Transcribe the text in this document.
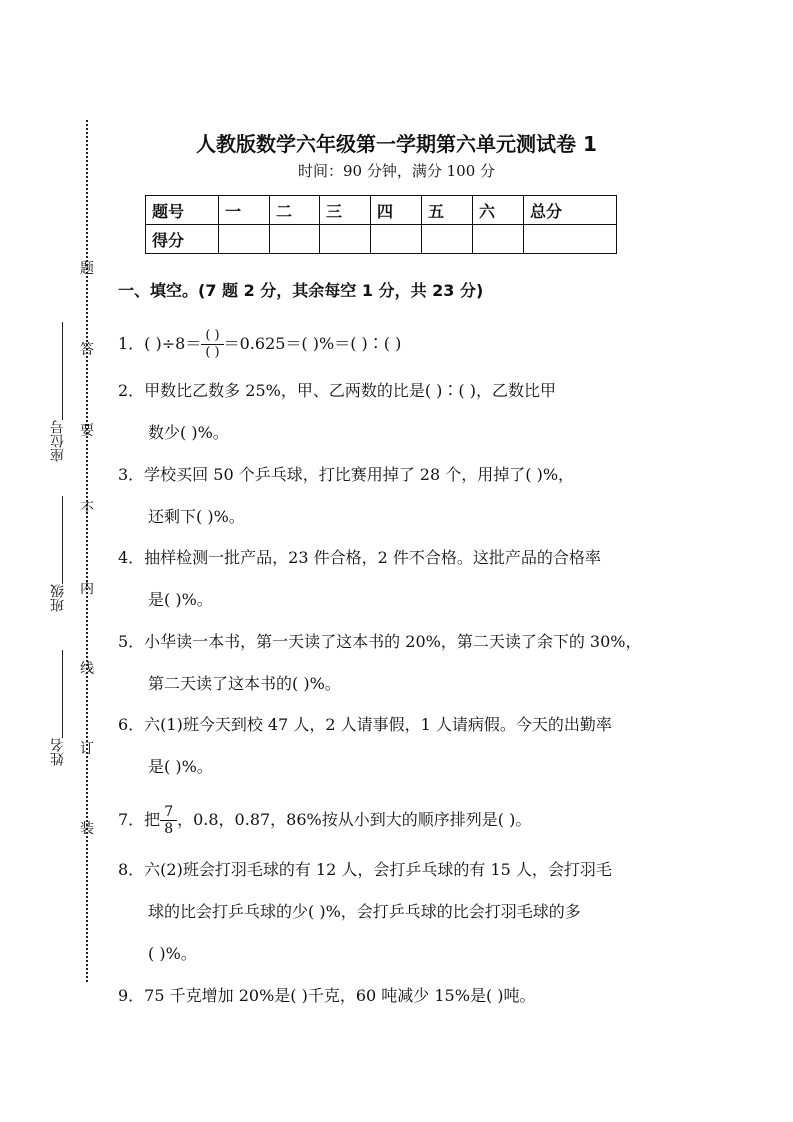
题
答
要
不
内
线
订
装
座位号
班级
姓名
人教版数学六年级第一学期第六单元测试卷 1
时间：90 分钟，满分 100 分
题号	一	二	三	四	五	六	总分
得分							
一、填空。(7 题 2 分，其余每空 1 分，共 23 分)
1．( )$\div 8= \frac{( )}{( )} =0.625=$( )%＝( )∶( )
2．甲数比乙数多 25%，甲、乙两数的比是( )∶( )，乙数比甲
数少( )%。
3．学校买回 50 个乒乓球，打比赛用掉了 28 个，用掉了( )%，
还剩下( )%。
4．抽样检测一批产品，23 件合格，2 件不合格。这批产品的合格率
是( )%。
5．小华读一本书，第一天读了这本书的 20%，第二天读了余下的 30%，
第二天读了这本书的( )%。
6．六(1)班今天到校 47 人，2 人请事假，1 人请病假。今天的出勤率
是( )%。
7．把 $\frac{7}{8}$ ，0.8，0.87，86%按从小到大的顺序排列是( )。
8．六(2)班会打羽毛球的有 12 人，会打乒乓球的有 15 人，会打羽毛
球的比会打乒乓球的少( )%，会打乒乓球的比会打羽毛球的多
( )%。
9．75 千克增加 20%是( )千克，60 吨减少 15%是( )吨。
